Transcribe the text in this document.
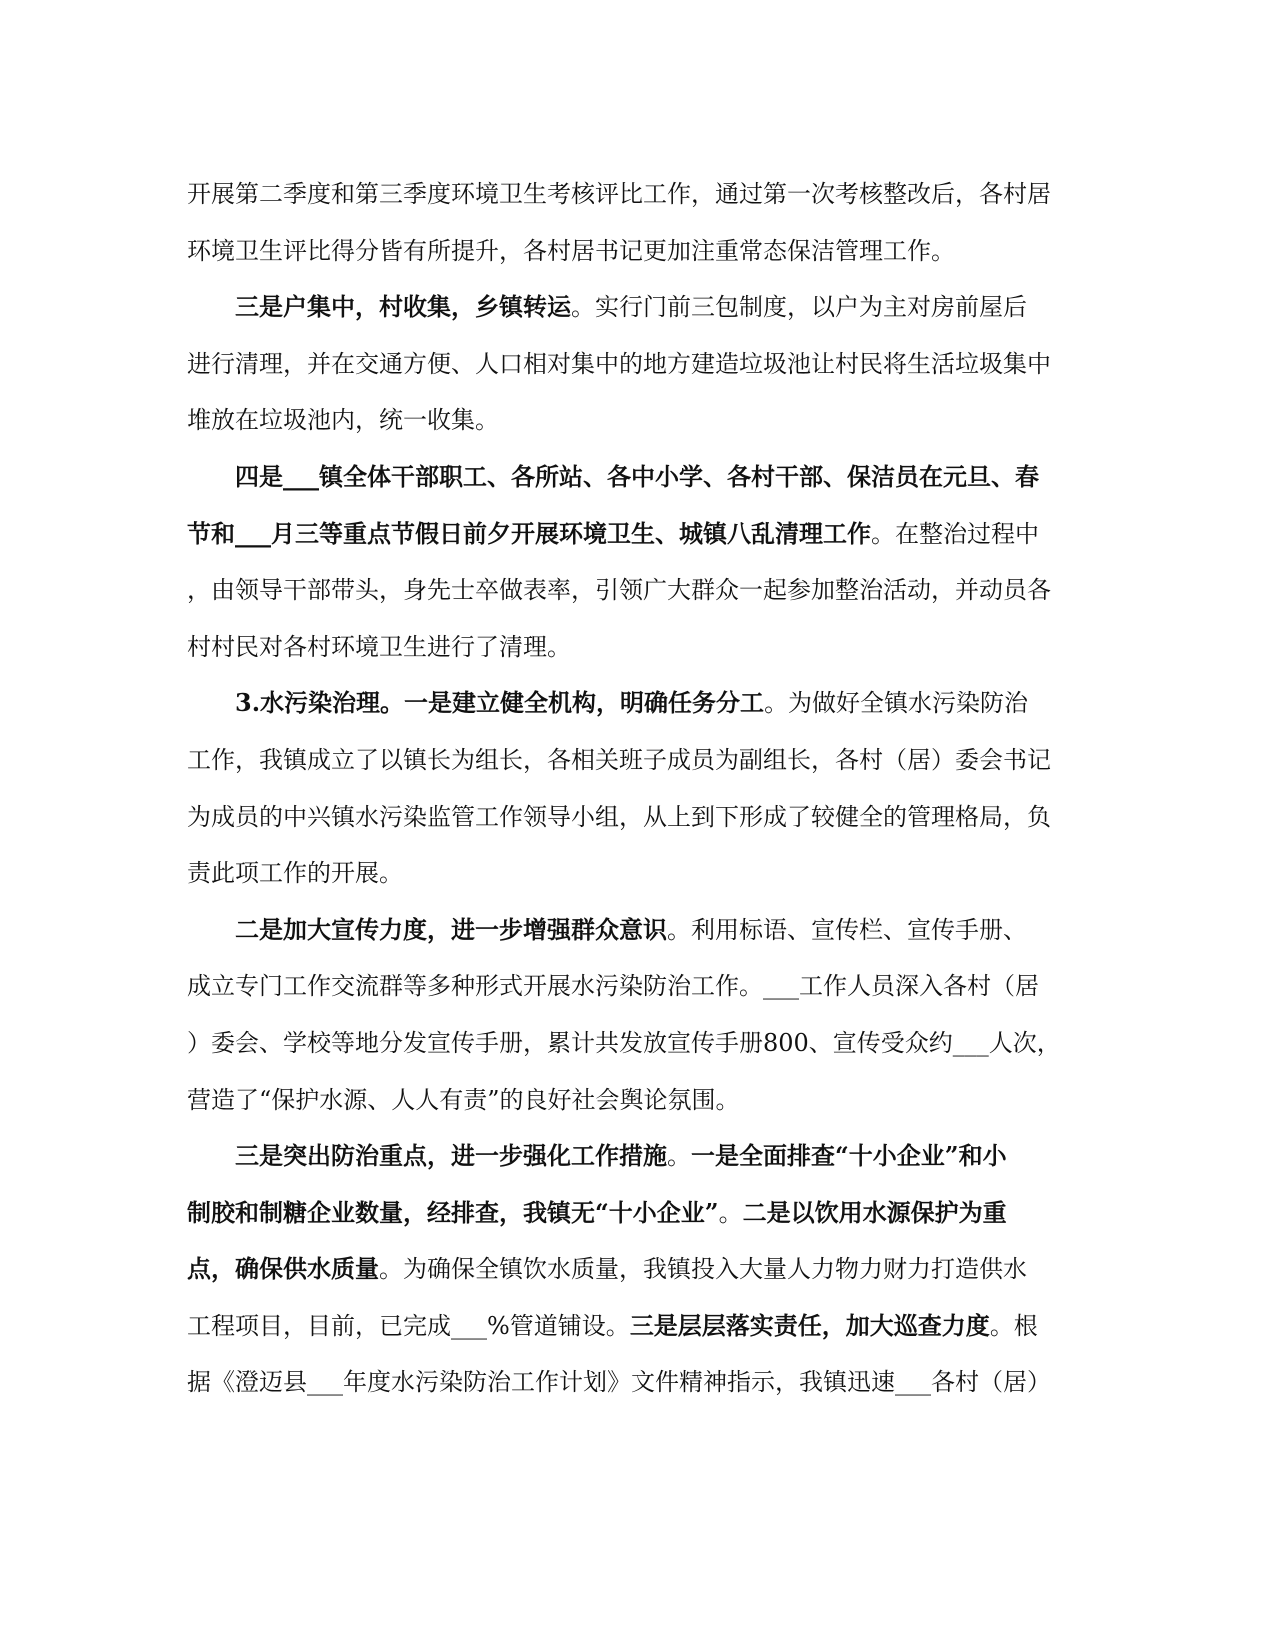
开展第二季度和第三季度环境卫生考核评比工作，通过第一次考核整改后，各村居
环境卫生评比得分皆有所提升，各村居书记更加注重常态保洁管理工作。
三是户集中，村收集，乡镇转运。实行门前三包制度，以户为主对房前屋后
进行清理，并在交通方便、人口相对集中的地方建造垃圾池让村民将生活垃圾集中
堆放在垃圾池内，统一收集。
四是___镇全体干部职工、各所站、各中小学、各村干部、保洁员在元旦、春
节和___月三等重点节假日前夕开展环境卫生、城镇八乱清理工作。在整治过程中
，由领导干部带头，身先士卒做表率，引领广大群众一起参加整治活动，并动员各
村村民对各村环境卫生进行了清理。
3.水污染治理。一是建立健全机构，明确任务分工。为做好全镇水污染防治
工作，我镇成立了以镇长为组长，各相关班子成员为副组长，各村（居）委会书记
为成员的中兴镇水污染监管工作领导小组，从上到下形成了较健全的管理格局，负
责此项工作的开展。
二是加大宣传力度，进一步增强群众意识。利用标语、宣传栏、宣传手册、
成立专门工作交流群等多种形式开展水污染防治工作。___工作人员深入各村（居
）委会、学校等地分发宣传手册，累计共发放宣传手册800、宣传受众约___人次，
营造了“保护水源、人人有责”的良好社会舆论氛围。
三是突出防治重点，进一步强化工作措施。一是全面排查“十小企业”和小
制胶和制糖企业数量，经排查，我镇无“十小企业”。二是以饮用水源保护为重
点，确保供水质量。为确保全镇饮水质量，我镇投入大量人力物力财力打造供水
工程项目，目前，已完成___%管道铺设。三是层层落实责任，加大巡查力度。根
据《澄迈县___年度水污染防治工作计划》文件精神指示，我镇迅速___各村（居）
